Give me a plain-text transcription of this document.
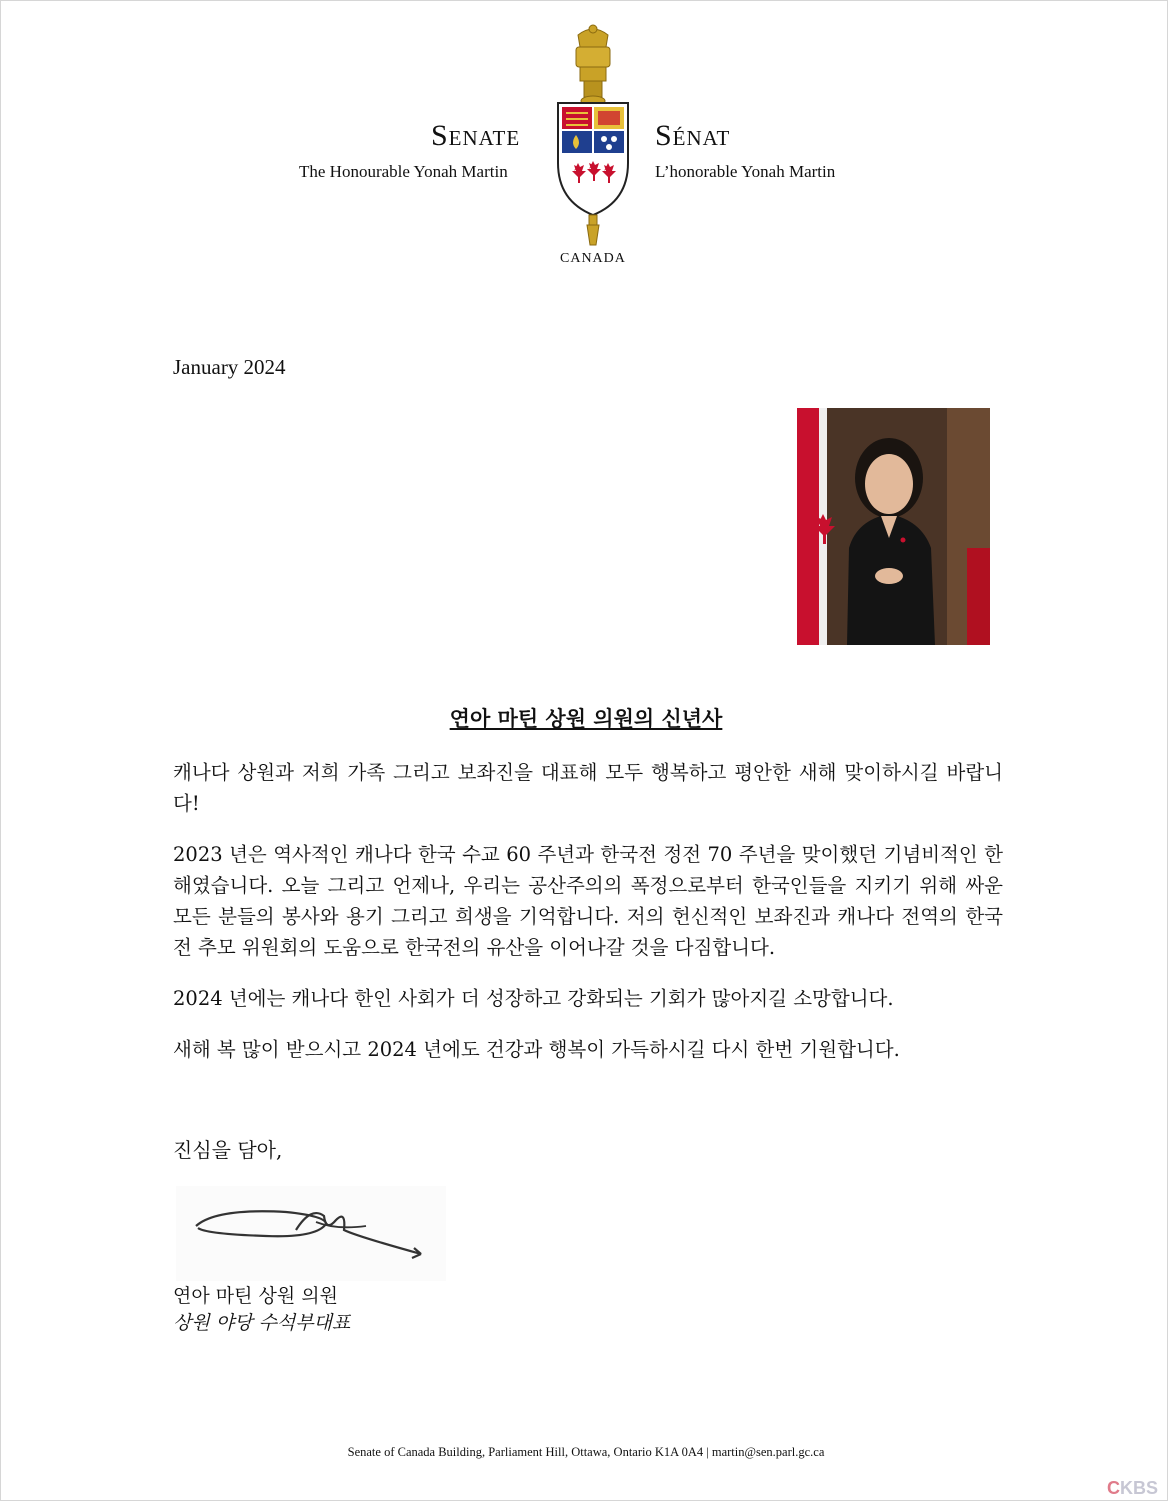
Senate	Sénat
The Honourable Yonah Martin	L’honorable Yonah Martin
CANADA
January 2024
연아 마틴 상원 의원의 신년사

캐나다 상원과 저희 가족 그리고 보좌진을 대표해 모두 행복하고 평안한 새해 맞이하시길 바랍니다!

2023 년은 역사적인 캐나다 한국 수교 60 주년과 한국전 정전 70 주년을 맞이했던 기념비적인 한 해였습니다. 오늘 그리고 언제나, 우리는 공산주의의 폭정으로부터 한국인들을 지키기 위해 싸운 모든 분들의 봉사와 용기 그리고 희생을 기억합니다. 저의 헌신적인 보좌진과 캐나다 전역의 한국전 추모 위원회의 도움으로 한국전의 유산을 이어나갈 것을 다짐합니다.

2024 년에는 캐나다 한인 사회가 더 성장하고 강화되는 기회가 많아지길 소망합니다.

새해 복 많이 받으시고 2024 년에도 건강과 행복이 가득하시길 다시 한번 기원합니다.

진심을 담아,
연아 마틴 상원 의원
상원 야당 수석부대표
Senate of Canada Building, Parliament Hill, Ottawa, Ontario K1A 0A4 | martin@sen.parl.gc.ca
CKBS
